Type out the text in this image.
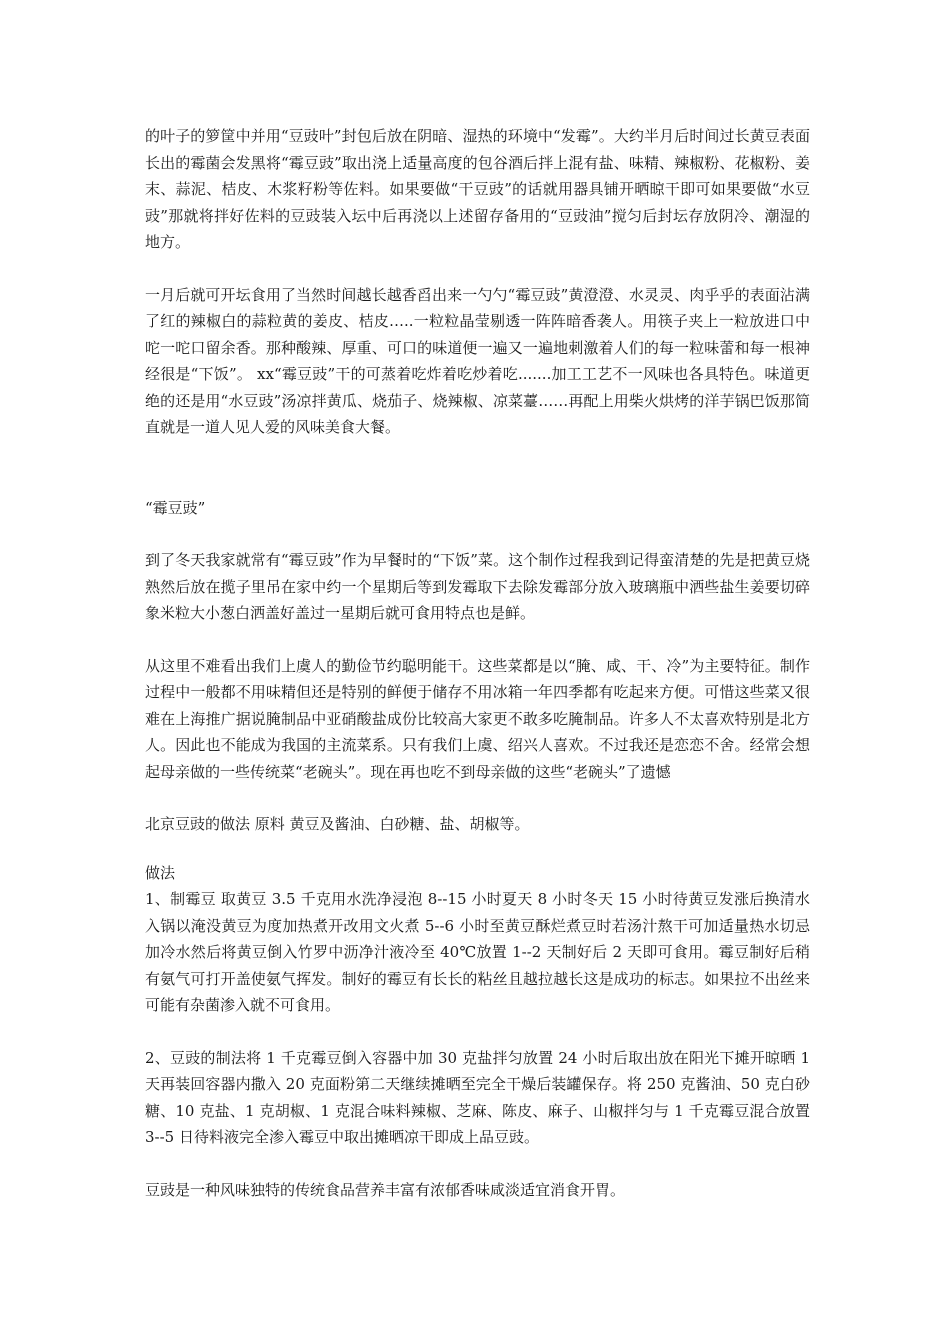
的叶子的箩筐中并用“豆豉叶”封包后放在阴暗、湿热的环境中“发霉”。大约半月后时间过长黄豆表面长出的霉菌会发黑将“霉豆豉”取出浇上适量高度的包谷酒后拌上混有盐、味精、辣椒粉、花椒粉、姜末、蒜泥、桔皮、木浆籽粉等佐料。如果要做“干豆豉”的话就用器具铺开晒晾干即可如果要做“水豆豉”那就将拌好佐料的豆豉装入坛中后再浇以上述留存备用的“豆豉油”搅匀后封坛存放阴冷、潮湿的地方。

一月后就可开坛食用了当然时间越长越香舀出来一勺勺“霉豆豉”黄澄澄、水灵灵、肉乎乎的表面沾满了红的辣椒白的蒜粒黄的姜皮、桔皮…..一粒粒晶莹剔透一阵阵暗香袭人。用筷子夹上一粒放进口中咜一咜口留余香。那种酸辣、厚重、可口的味道便一遍又一遍地刺激着人们的每一粒味蕾和每一根神经很是“下饭”。 xx“霉豆豉”干的可蒸着吃炸着吃炒着吃.......加工工艺不一风味也各具特色。味道更绝的还是用“水豆豉”汤凉拌黄瓜、烧茄子、烧辣椒、凉菜薹……再配上用柴火烘烤的洋芋锅巴饭那简直就是一道人见人爱的风味美食大餐。

“霉豆豉”

到了冬天我家就常有“霉豆豉”作为早餐时的“下饭”菜。这个制作过程我到记得蛮清楚的先是把黄豆烧熟然后放在揽子里吊在家中约一个星期后等到发霉取下去除发霉部分放入玻璃瓶中洒些盐生姜要切碎象米粒大小葱白洒盖好盖过一星期后就可食用特点也是鲜。

从这里不难看出我们上虞人的勤俭节约聪明能干。这些菜都是以“腌、咸、干、冷”为主要特征。制作过程中一般都不用味精但还是特别的鲜便于储存不用冰箱一年四季都有吃起来方便。可惜这些菜又很难在上海推广据说腌制品中亚硝酸盐成份比较高大家更不敢多吃腌制品。许多人不太喜欢特别是北方人。因此也不能成为我国的主流菜系。只有我们上虞、绍兴人喜欢。不过我还是恋恋不舍。经常会想起母亲做的一些传统菜“老碗头”。现在再也吃不到母亲做的这些“老碗头”了遗憾

北京豆豉的做法 原料 黄豆及酱油、白砂糖、盐、胡椒等。

做法

1、制霉豆 取黄豆 3.5 千克用水洗净浸泡 8--15 小时夏天 8 小时冬天 15 小时待黄豆发涨后换清水入锅以淹没黄豆为度加热煮开改用文火煮 5--6 小时至黄豆酥烂煮豆时若汤汁熬干可加适量热水切忌加冷水然后将黄豆倒入竹罗中沥净汁液冷至 40℃放置 1--2 天制好后 2 天即可食用。霉豆制好后稍有氨气可打开盖使氨气挥发。制好的霉豆有长长的粘丝且越拉越长这是成功的标志。如果拉不出丝来可能有杂菌渗入就不可食用。

2、豆豉的制法将 1 千克霉豆倒入容器中加 30 克盐拌匀放置 24 小时后取出放在阳光下摊开晾晒 1 天再装回容器内撒入 20 克面粉第二天继续摊晒至完全干燥后装罐保存。将 250 克酱油、50 克白砂糖、10 克盐、1 克胡椒、1 克混合味料辣椒、芝麻、陈皮、麻子、山椒拌匀与 1 千克霉豆混合放置 3--5 日待料液完全渗入霉豆中取出摊晒凉干即成上品豆豉。

豆豉是一种风味独特的传统食品营养丰富有浓郁香味咸淡适宜消食开胃。
